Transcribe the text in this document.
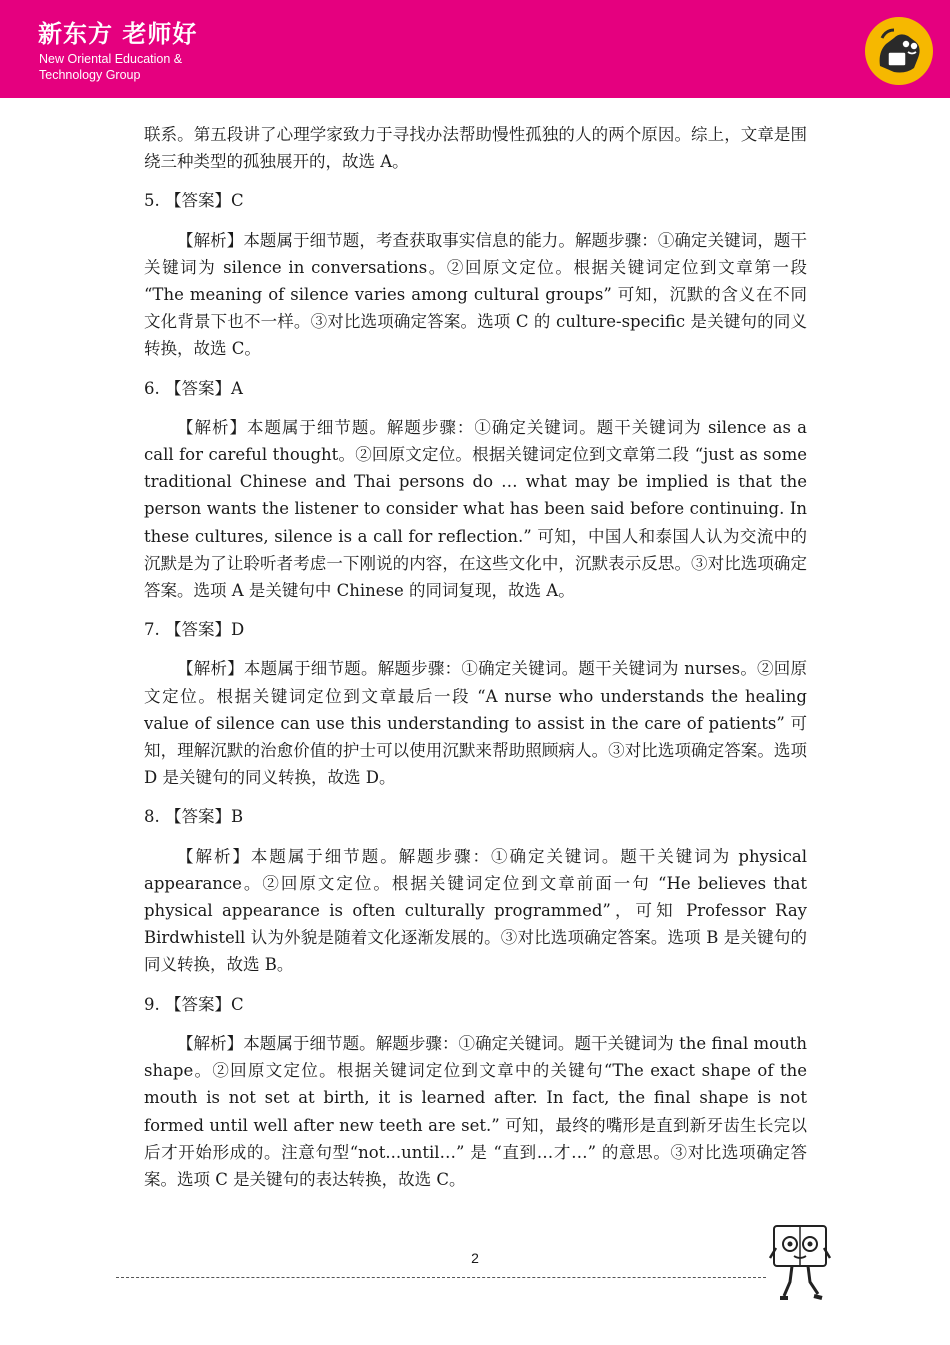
新东方 老师好
New Oriental Education &
Technology Group

联系。第五段讲了心理学家致力于寻找办法帮助慢性孤独的人的两个原因。综上，文章是围绕三种类型的孤独展开的，故选 A。

5. 【答案】C

【解析】本题属于细节题，考查获取事实信息的能力。解题步骤：①确定关键词，题干关键词为 silence in conversations。②回原文定位。根据关键词定位到文章第一段 “The meaning of silence varies among cultural groups” 可知，沉默的含义在不同文化背景下也不一样。③对比选项确定答案。选项 C 的 culture-specific 是关键句的同义转换，故选 C。

6. 【答案】A

【解析】本题属于细节题。解题步骤：①确定关键词。题干关键词为 silence as a call for careful thought。②回原文定位。根据关键词定位到文章第二段 “just as some traditional Chinese and Thai persons do … what may be implied is that the person wants the listener to consider what has been said before continuing. In these cultures, silence is a call for reflection.” 可知，中国人和泰国人认为交流中的沉默是为了让聆听者考虑一下刚说的内容，在这些文化中，沉默表示反思。③对比选项确定答案。选项 A 是关键句中 Chinese 的同词复现，故选 A。

7. 【答案】D

【解析】本题属于细节题。解题步骤：①确定关键词。题干关键词为 nurses。②回原文定位。根据关键词定位到文章最后一段 “A nurse who understands the healing value of silence can use this understanding to assist in the care of patients” 可知，理解沉默的治愈价值的护士可以使用沉默来帮助照顾病人。③对比选项确定答案。选项 D 是关键句的同义转换，故选 D。

8. 【答案】B

【解析】本题属于细节题。解题步骤：①确定关键词。题干关键词为 physical appearance。②回原文定位。根据关键词定位到文章前面一句 “He believes that physical appearance is often culturally programmed”，可知 Professor Ray Birdwhistell 认为外貌是随着文化逐渐发展的。③对比选项确定答案。选项 B 是关键句的同义转换，故选 B。

9. 【答案】C

【解析】本题属于细节题。解题步骤：①确定关键词。题干关键词为 the final mouth shape。②回原文定位。根据关键词定位到文章中的关键句“The exact shape of the mouth is not set at birth, it is learned after. In fact, the final shape is not formed until well after new teeth are set.” 可知，最终的嘴形是直到新牙齿生长完以后才开始形成的。注意句型“not...until…” 是 “直到…才…” 的意思。③对比选项确定答案。选项 C 是关键句的表达转换，故选 C。

2
